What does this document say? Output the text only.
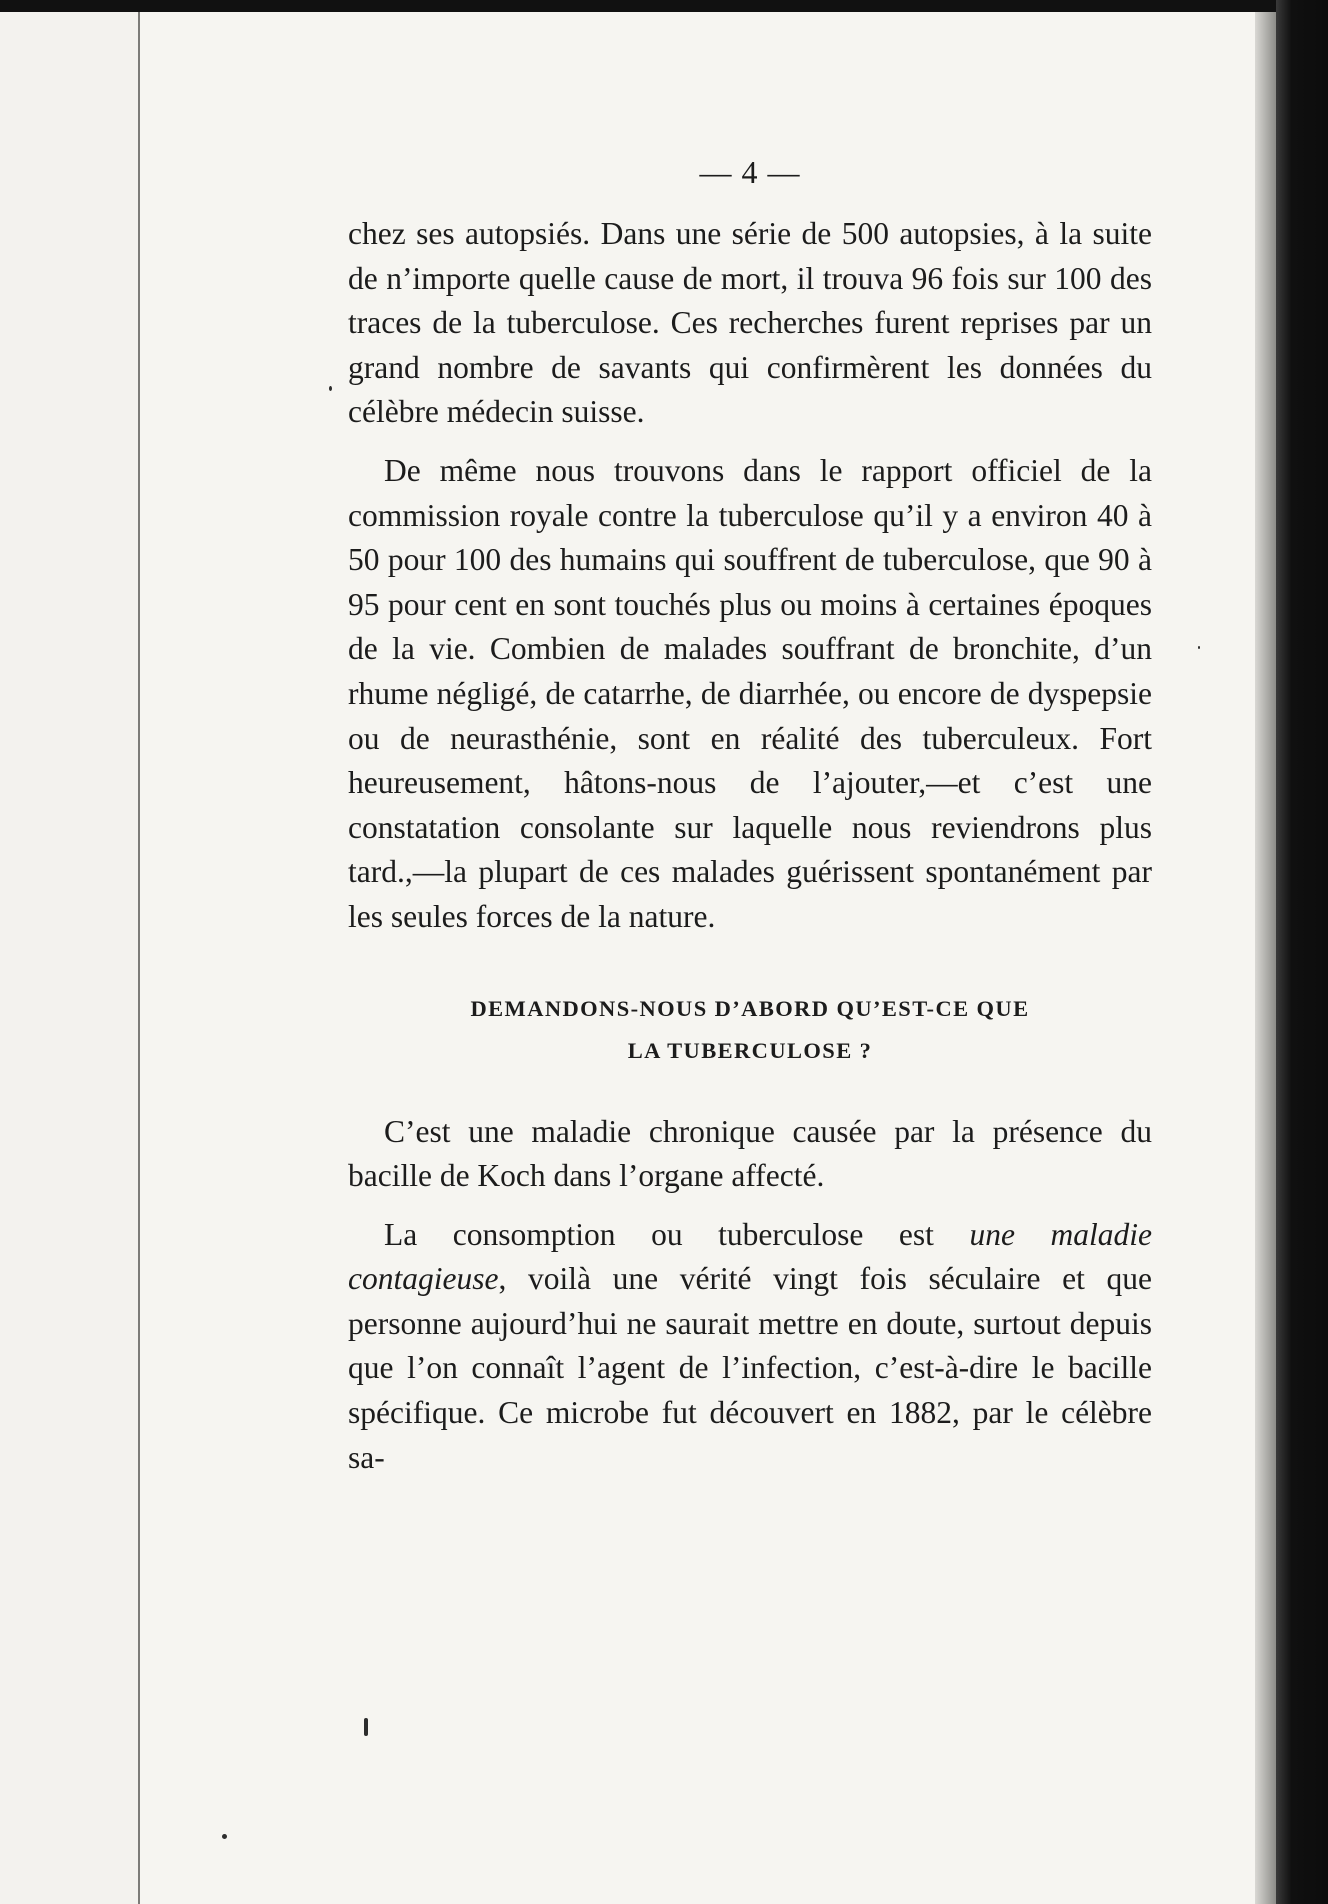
— 4 —

chez ses autopsiés. Dans une série de 500 autopsies, à la suite de n’importe quelle cause de mort, il trouva 96 fois sur 100 des traces de la tuberculose. Ces recherches furent reprises par un grand nombre de savants qui confirmèrent les données du célèbre médecin suisse.

De même nous trouvons dans le rapport officiel de la commission royale contre la tuberculose qu’il y a environ 40 à 50 pour 100 des humains qui souffrent de tuberculose, que 90 à 95 pour cent en sont touchés plus ou moins à certaines époques de la vie. Combien de malades souffrant de bronchite, d’un rhume négligé, de catarrhe, de diarrhée, ou encore de dyspepsie ou de neurasthénie, sont en réalité des tuberculeux. Fort heureusement, hâtons-nous de l’ajouter,—et c’est une constatation consolante sur laquelle nous reviendrons plus tard.,—la plupart de ces malades guérissent spontanément par les seules forces de la nature.

DEMANDONS-NOUS D’ABORD QU’EST-CE QUE
LA TUBERCULOSE ?

C’est une maladie chronique causée par la présence du bacille de Koch dans l’organe affecté.

La consomption ou tuberculose est une maladie contagieuse, voilà une vérité vingt fois séculaire et que personne aujourd’hui ne saurait mettre en doute, surtout depuis que l’on connaît l’agent de l’infection, c’est-à-dire le bacille spécifique. Ce microbe fut découvert en 1882, par le célèbre sa-
